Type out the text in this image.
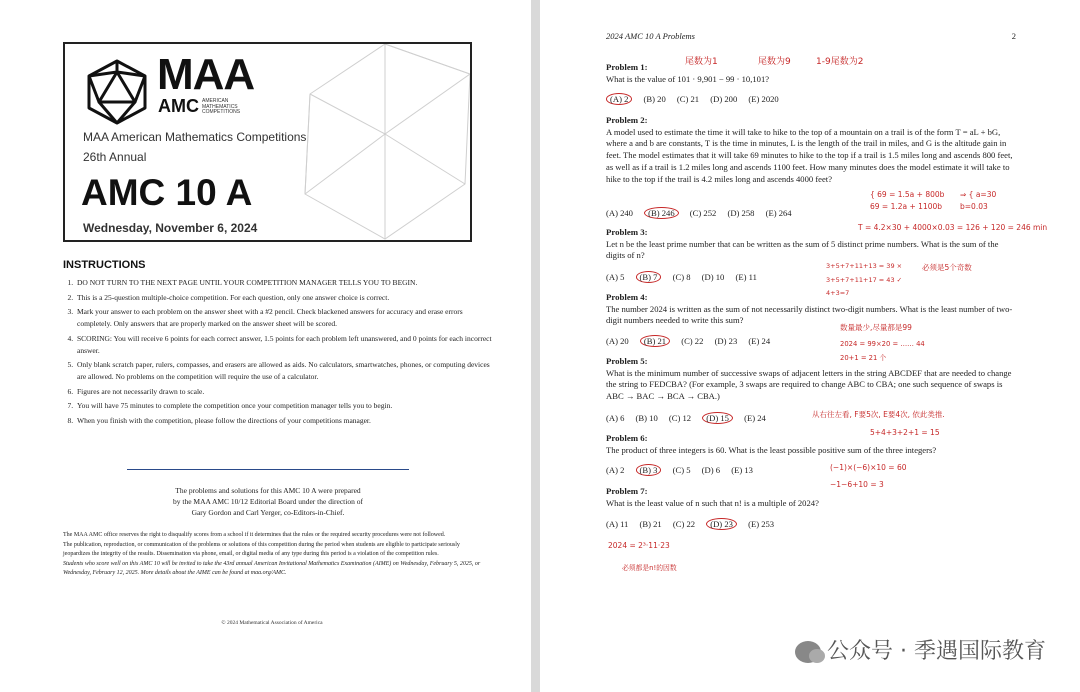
MAA
AMC AMERICAN MATHEMATICS COMPETITIONS
MAA American Mathematics Competitions
26th Annual
AMC 10 A
Wednesday, November 6, 2024
INSTRUCTIONS
1. DO NOT TURN TO THE NEXT PAGE UNTIL YOUR COMPETITION MANAGER TELLS YOU TO BEGIN.
2. This is a 25-question multiple-choice competition. For each question, only one answer choice is correct.
3. Mark your answer to each problem on the answer sheet with a #2 pencil. Check blackened answers for accuracy and erase errors completely. Only answers that are properly marked on the answer sheet will be scored.
4. SCORING: You will receive 6 points for each correct answer, 1.5 points for each problem left unanswered, and 0 points for each incorrect answer.
5. Only blank scratch paper, rulers, compasses, and erasers are allowed as aids. No calculators, smartwatches, phones, or computing devices are allowed. No problems on the competition will require the use of a calculator.
6. Figures are not necessarily drawn to scale.
7. You will have 75 minutes to complete the competition once your competition manager tells you to begin.
8. When you finish with the competition, please follow the directions of your competitions manager.
The problems and solutions for this AMC 10 A were prepared
by the MAA AMC 10/12 Editorial Board under the direction of
Gary Gordon and Carl Yerger, co-Editors-in-Chief.

The MAA AMC office reserves the right to disqualify scores from a school if it determines that the rules or the required security procedures were not followed.

The publication, reproduction, or communication of the problems or solutions of this competition during the period when students are eligible to participate seriously jeopardizes the integrity of the results. Dissemination via phone, email, or digital media of any type during this period is a violation of the competition rules.

Students who score well on this AMC 10 will be invited to take the 43rd annual American Invitational Mathematics Examination (AIME) on Wednesday, February 5, 2025, or Wednesday, February 12, 2025. More details about the AIME can be found at maa.org/AMC.

© 2024 Mathematical Association of America
2024 AMC 10 A Problems	2
Problem 1:
What is the value of 101 · 9,901 − 99 · 10,101?
(A) 2 (B) 20 (C) 21 (D) 200 (E) 2020
尾数为1	尾数为9	1-9尾数为2
Problem 2:
A model used to estimate the time it will take to hike to the top of a mountain on a trail is of the form T = aL + bG, where a and b are constants, T is the time in minutes, L is the length of the trail in miles, and G is the altitude gain in feet. The model estimates that it will take 69 minutes to hike to the top if a trail is 1.5 miles long and ascends 800 feet, as well as if a trail is 1.2 miles long and ascends 1100 feet. How many minutes does the model estimate it will take to hike to the top if the trail is 4.2 miles long and ascends 4000 feet?
(A) 240 (B) 246 (C) 252 (D) 258 (E) 264
{ 69 = 1.5a + 800b
69 = 1.2a + 1100b
⇒ { a=30
b=0.03
T = 4.2×30 + 4000×0.03 = 126 + 120 = 246 min
Problem 3:
Let n be the least prime number that can be written as the sum of 5 distinct prime numbers. What is the sum of the digits of n?
(A) 5 (B) 7 (C) 8 (D) 10 (E) 11
3+5+7+11+13 = 39 ×
3+5+7+11+17 = 43 ✓
4+3=7
必须是5个奇数
Problem 4:
The number 2024 is written as the sum of not necessarily distinct two-digit numbers. What is the least number of two-digit numbers needed to write this sum?
(A) 20 (B) 21 (C) 22 (D) 23 (E) 24
数量最少,尽量都是99
2024 = 99×20 = …… 44
20+1 = 21 个
Problem 5:
What is the minimum number of successive swaps of adjacent letters in the string ABCDEF that are needed to change the string to FEDCBA? (For example, 3 swaps are required to change ABC to CBA; one such sequence of swaps is ABC → BAC → BCA → CBA.)
(A) 6 (B) 10 (C) 12 (D) 15 (E) 24	从右往左看, F要5次, E要4次, 依此类推.
5+4+3+2+1 = 15
Problem 6:
The product of three integers is 60. What is the least possible positive sum of the three integers?
(A) 2 (B) 3 (C) 5 (D) 6 (E) 13	(−1)×(−6)×10 = 60
−1−6+10 = 3
Problem 7:
What is the least value of n such that n! is a multiple of 2024?
(A) 11 (B) 21 (C) 22 (D) 23 (E) 253
2024 = 2³·11·23
必须都是n!的因数
公众号 · 季遇国际教育
